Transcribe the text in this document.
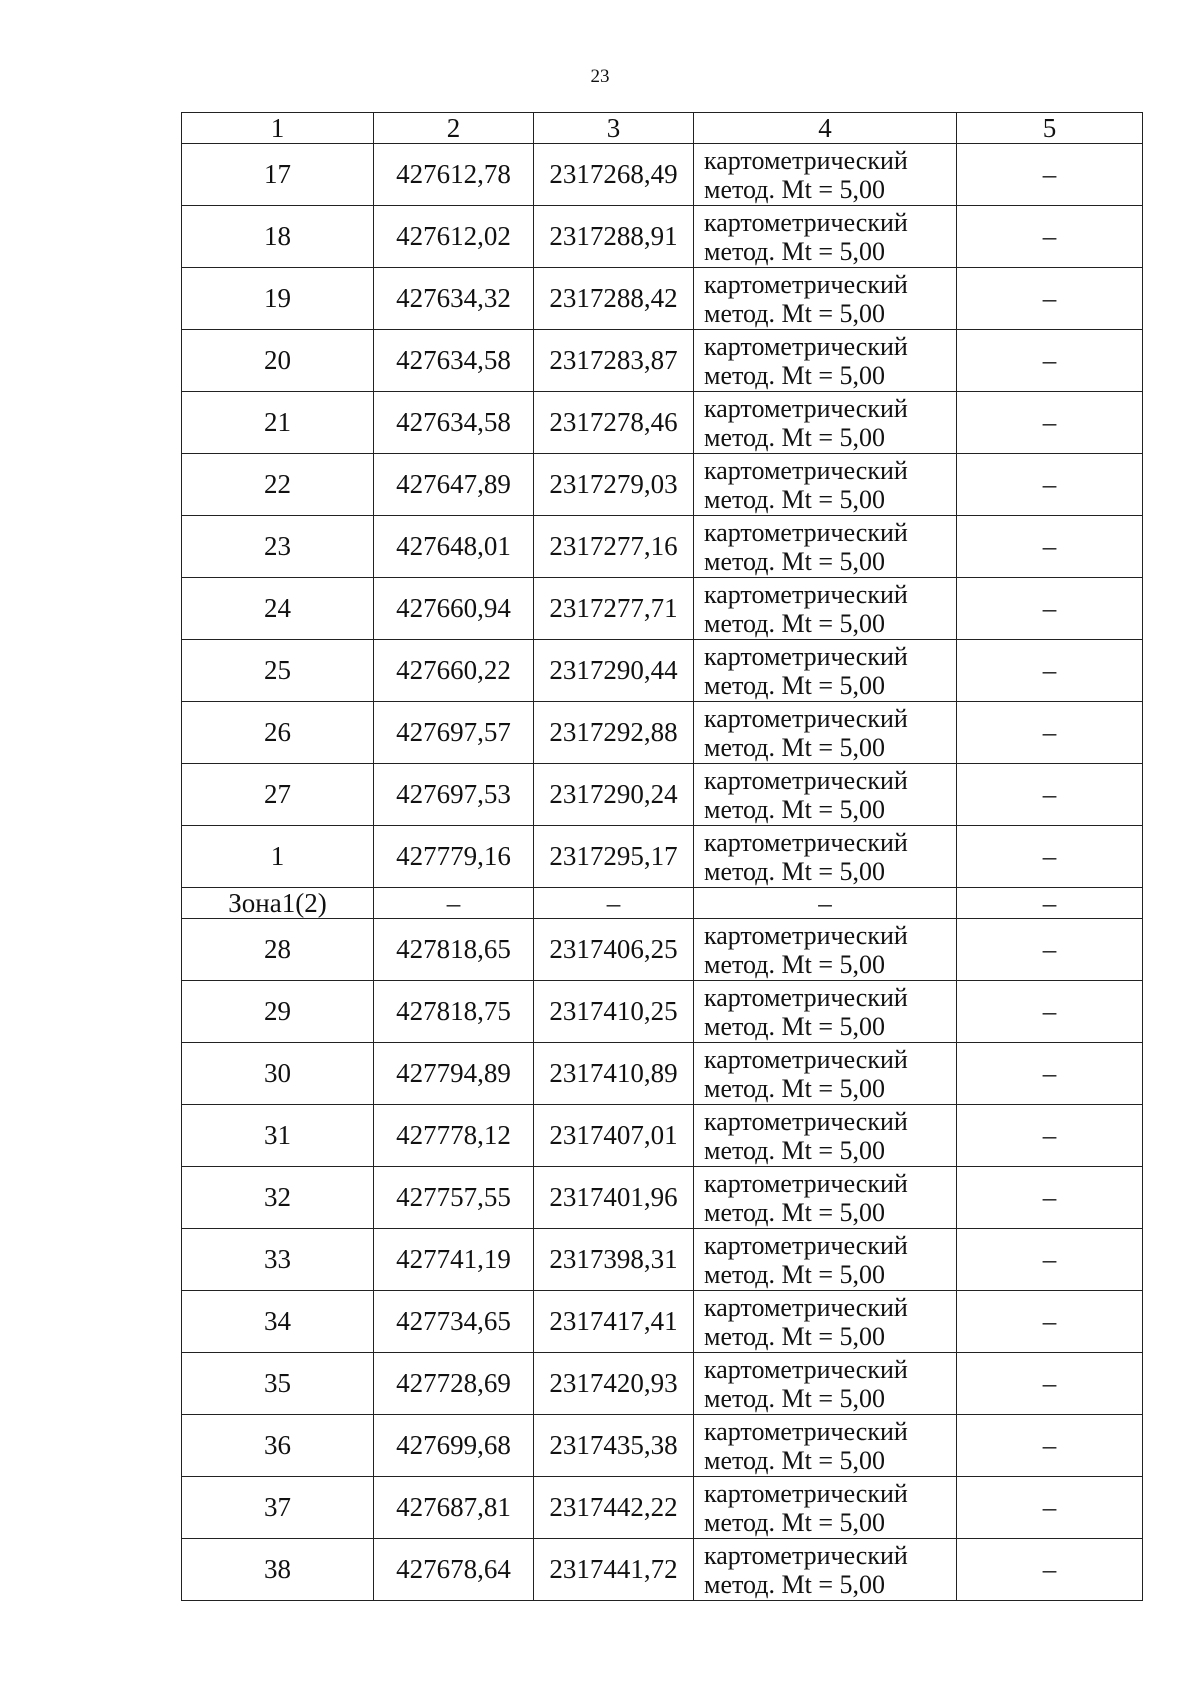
23
1	2	3	4	5
17	427612,78	2317268,49	картометрический метод. Mt = 5,00	–
18	427612,02	2317288,91	картометрический метод. Mt = 5,00	–
19	427634,32	2317288,42	картометрический метод. Mt = 5,00	–
20	427634,58	2317283,87	картометрический метод. Mt = 5,00	–
21	427634,58	2317278,46	картометрический метод. Mt = 5,00	–
22	427647,89	2317279,03	картометрический метод. Mt = 5,00	–
23	427648,01	2317277,16	картометрический метод. Mt = 5,00	–
24	427660,94	2317277,71	картометрический метод. Mt = 5,00	–
25	427660,22	2317290,44	картометрический метод. Mt = 5,00	–
26	427697,57	2317292,88	картометрический метод. Mt = 5,00	–
27	427697,53	2317290,24	картометрический метод. Mt = 5,00	–
1	427779,16	2317295,17	картометрический метод. Mt = 5,00	–
Зона1(2)	–	–	–	–
28	427818,65	2317406,25	картометрический метод. Mt = 5,00	–
29	427818,75	2317410,25	картометрический метод. Mt = 5,00	–
30	427794,89	2317410,89	картометрический метод. Mt = 5,00	–
31	427778,12	2317407,01	картометрический метод. Mt = 5,00	–
32	427757,55	2317401,96	картометрический метод. Mt = 5,00	–
33	427741,19	2317398,31	картометрический метод. Mt = 5,00	–
34	427734,65	2317417,41	картометрический метод. Mt = 5,00	–
35	427728,69	2317420,93	картометрический метод. Mt = 5,00	–
36	427699,68	2317435,38	картометрический метод. Mt = 5,00	–
37	427687,81	2317442,22	картометрический метод. Mt = 5,00	–
38	427678,64	2317441,72	картометрический метод. Mt = 5,00	–
